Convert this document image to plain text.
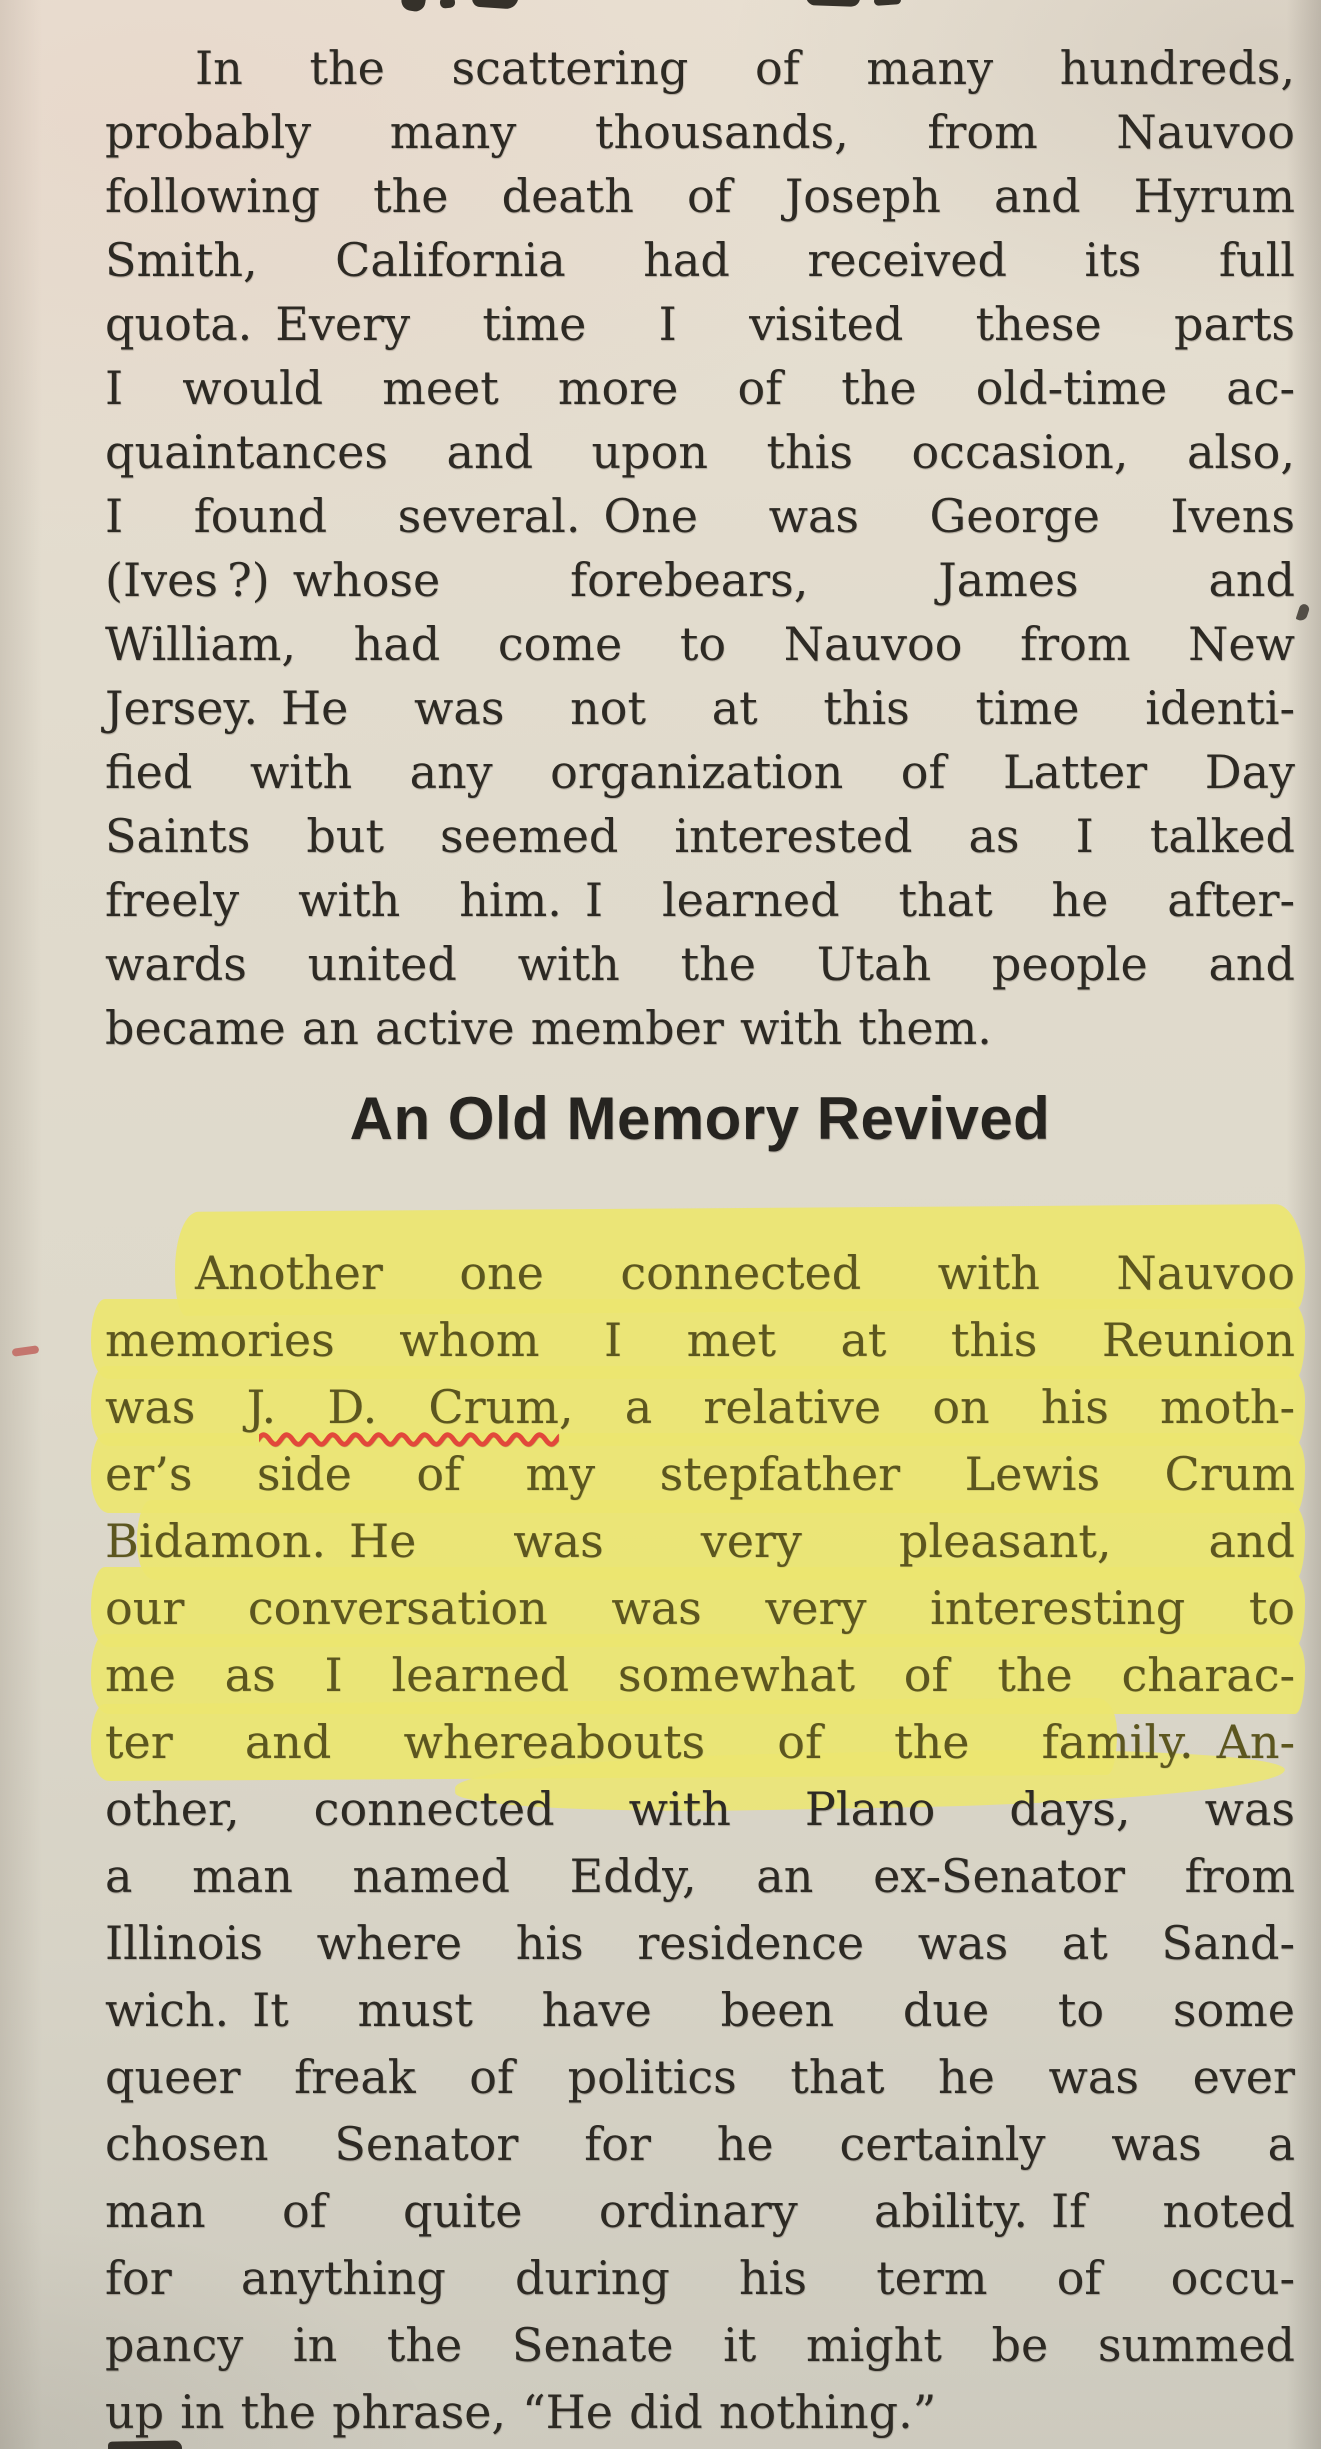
In the scattering of many hundreds,
probably many thousands, from Nauvoo
following the death of Joseph and Hyrum
Smith, California had received its full
quota. Every time I visited these parts
I would meet more of the old-time ac-
quaintances and upon this occasion, also,
I found several. One was George Ivens
(Ives ?) whose forebears, James and
William, had come to Nauvoo from New
Jersey. He was not at this time identi-
fied with any organization of Latter Day
Saints but seemed interested as I talked
freely with him. I learned that he after-
wards united with the Utah people and
became an active member with them.
An Old Memory Revived
Another one connected with Nauvoo
memories whom I met at this Reunion
was J. D. Crum, a relative on his moth-
er’s side of my stepfather Lewis Crum
Bidamon. He was very pleasant, and
our conversation was very interesting to
me as I learned somewhat of the charac-
ter and whereabouts of the family. An-
other, connected with Plano days, was
a man named Eddy, an ex-Senator from
Illinois where his residence was at Sand-
wich. It must have been due to some
queer freak of politics that he was ever
chosen Senator for he certainly was a
man of quite ordinary ability. If noted
for anything during his term of occu-
pancy in the Senate it might be summed
up in the phrase, “He did nothing.”
